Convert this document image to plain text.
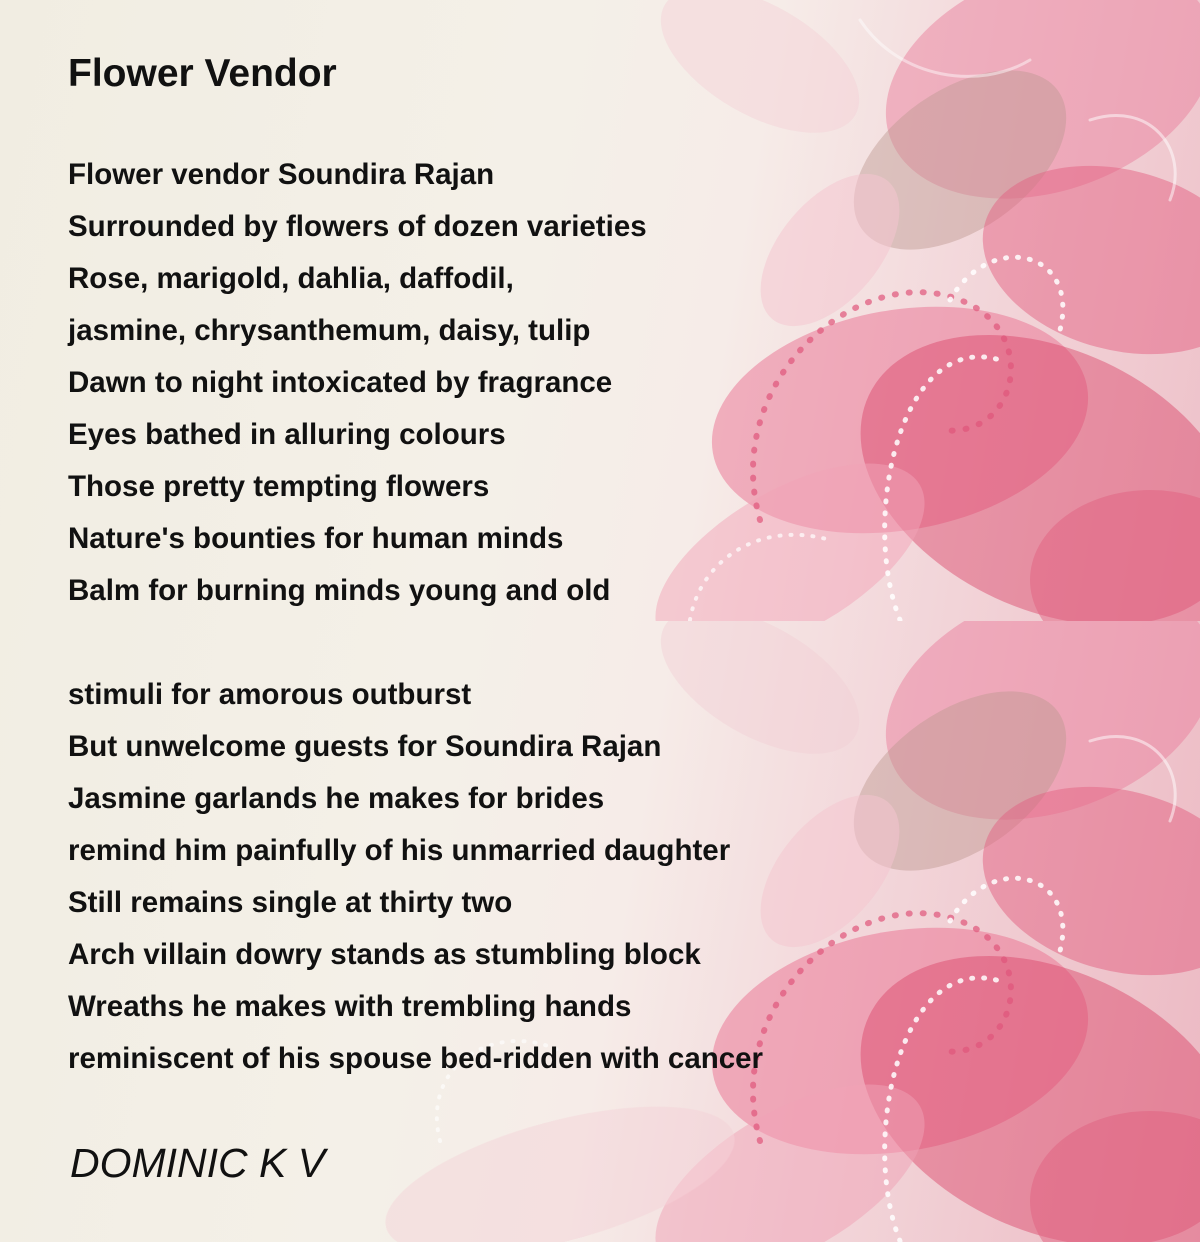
Flower Vendor
Flower vendor Soundira Rajan
Surrounded by flowers of dozen varieties
Rose, marigold, dahlia, daffodil,
jasmine, chrysanthemum, daisy, tulip
Dawn to night intoxicated by fragrance
Eyes bathed in alluring colours
Those pretty tempting flowers
Nature's bounties for human minds
Balm for burning minds young and old
stimuli for amorous outburst
But unwelcome guests for Soundira Rajan
Jasmine garlands he makes for brides
remind him painfully of his unmarried daughter
Still remains single at thirty two
Arch villain dowry stands as stumbling block
Wreaths he makes with trembling hands
reminiscent of his spouse bed-ridden with cancer

DOMINIC K V
